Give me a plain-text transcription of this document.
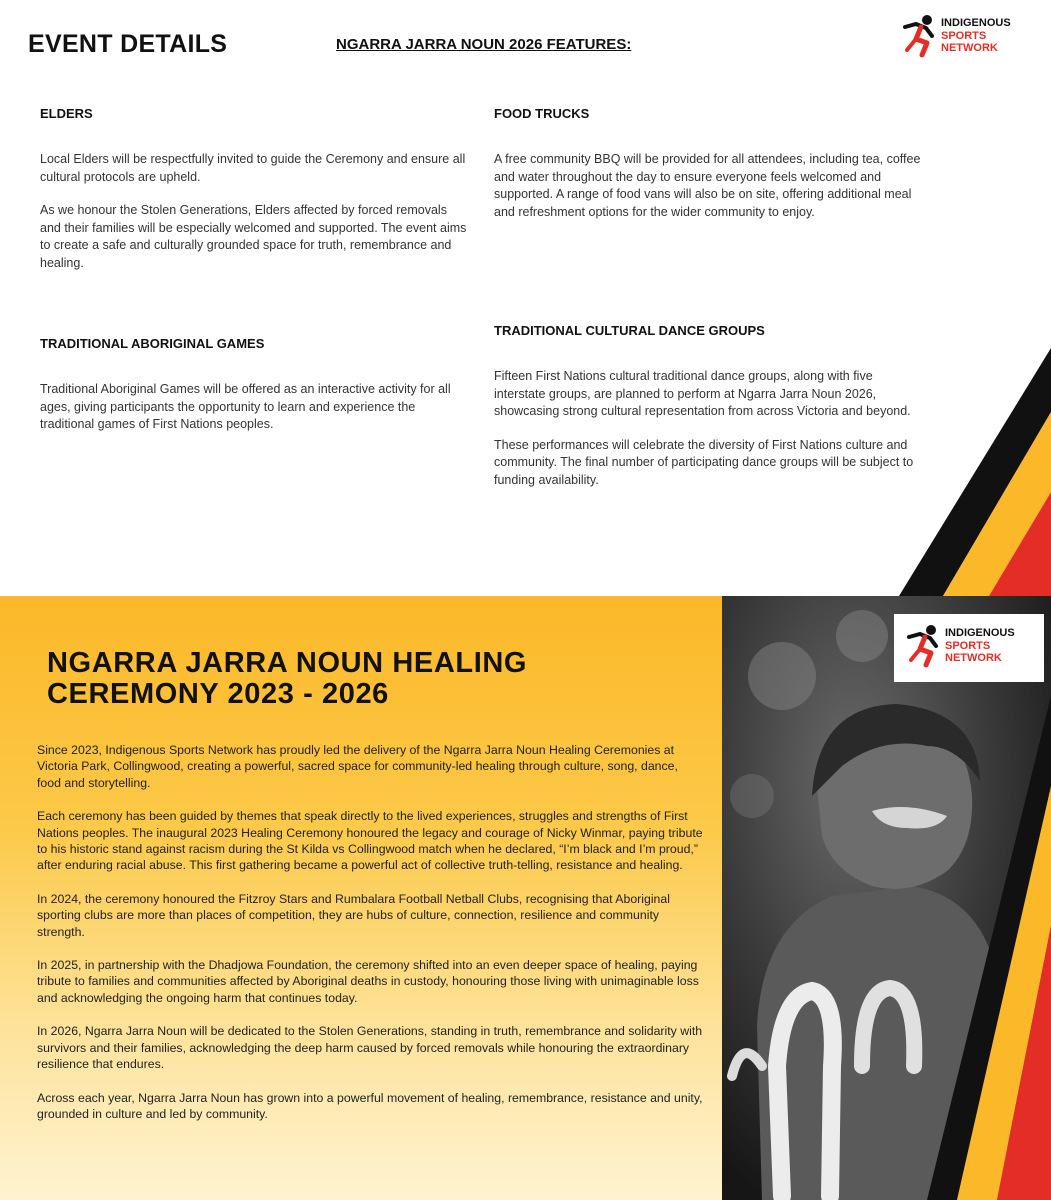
EVENT DETAILS	NGARRA JARRA NOUN 2026 FEATURES:
INDIGENOUS
SPORTS
NETWORK
ELDERS

Local Elders will be respectfully invited to guide the Ceremony and ensure all cultural protocols are upheld.

As we honour the Stolen Generations, Elders affected by forced removals and their families will be especially welcomed and supported. The event aims to create a safe and culturally grounded space for truth, remembrance and healing.

FOOD TRUCKS

A free community BBQ will be provided for all attendees, including tea, coffee and water throughout the day to ensure everyone feels welcomed and supported. A range of food vans will also be on site, offering additional meal and refreshment options for the wider community to enjoy.

TRADITIONAL ABORIGINAL GAMES

Traditional Aboriginal Games will be offered as an interactive activity for all ages, giving participants the opportunity to learn and experience the traditional games of First Nations peoples.

TRADITIONAL CULTURAL DANCE GROUPS

Fifteen First Nations cultural traditional dance groups, along with five interstate groups, are planned to perform at Ngarra Jarra Noun 2026, showcasing strong cultural representation from across Victoria and beyond.

These performances will celebrate the diversity of First Nations culture and community. The final number of participating dance groups will be subject to funding availability.

NGARRA JARRA NOUN HEALING CEREMONY 2023 - 2026

Since 2023, Indigenous Sports Network has proudly led the delivery of the Ngarra Jarra Noun Healing Ceremonies at Victoria Park, Collingwood, creating a powerful, sacred space for community-led healing through culture, song, dance, food and storytelling.

Each ceremony has been guided by themes that speak directly to the lived experiences, struggles and strengths of First Nations peoples. The inaugural 2023 Healing Ceremony honoured the legacy and courage of Nicky Winmar, paying tribute to his historic stand against racism during the St Kilda vs Collingwood match when he declared, “I’m black and I’m proud,” after enduring racial abuse. This first gathering became a powerful act of collective truth-telling, resistance and healing.

In 2024, the ceremony honoured the Fitzroy Stars and Rumbalara Football Netball Clubs, recognising that Aboriginal sporting clubs are more than places of competition, they are hubs of culture, connection, resilience and community strength.

In 2025, in partnership with the Dhadjowa Foundation, the ceremony shifted into an even deeper space of healing, paying tribute to families and communities affected by Aboriginal deaths in custody, honouring those living with unimaginable loss and acknowledging the ongoing harm that continues today.

In 2026, Ngarra Jarra Noun will be dedicated to the Stolen Generations, standing in truth, remembrance and solidarity with survivors and their families, acknowledging the deep harm caused by forced removals while honouring the extraordinary resilience that endures.

Across each year, Ngarra Jarra Noun has grown into a powerful movement of healing, remembrance, resistance and unity, grounded in culture and led by community.

INDIGENOUS
SPORTS
NETWORK
